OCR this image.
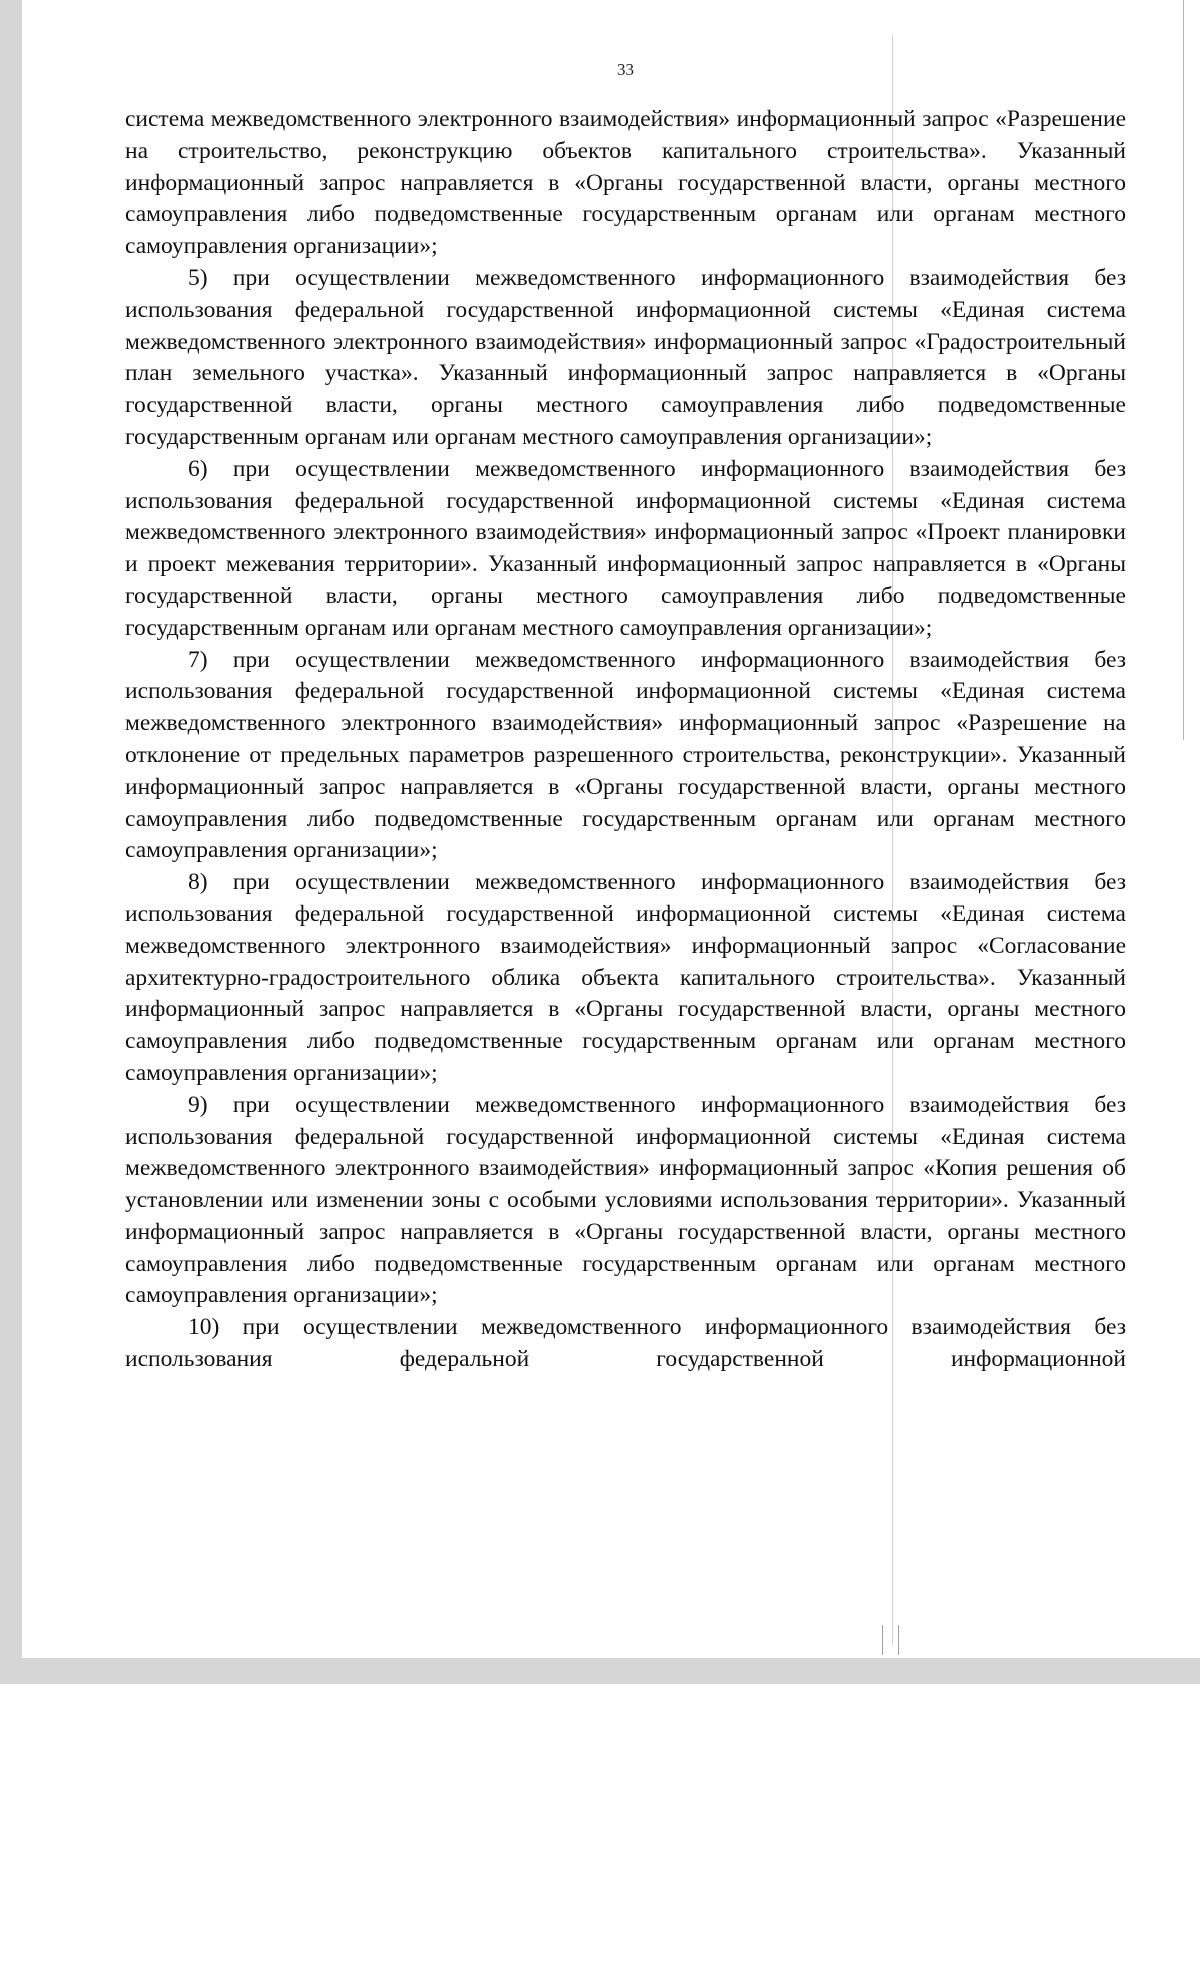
33

система межведомственного электронного взаимодействия» информационный запрос «Разрешение на строительство, реконструкцию объектов капитального строительства». Указанный информационный запрос направляется в «Органы государственной власти, органы местного самоуправления либо подведомственные государственным органам или органам местного самоуправления организации»;

5) при осуществлении межведомственного информационного взаимодействия без использования федеральной государственной информационной системы «Единая система межведомственного электронного взаимодействия» информационный запрос «Градостроительный план земельного участка». Указанный информационный запрос направляется в «Органы государственной власти, органы местного самоуправления либо подведомственные государственным органам или органам местного самоуправления организации»;

6) при осуществлении межведомственного информационного взаимодействия без использования федеральной государственной информационной системы «Единая система межведомственного электронного взаимодействия» информационный запрос «Проект планировки и проект межевания территории». Указанный информационный запрос направляется в «Органы государственной власти, органы местного самоуправления либо подведомственные государственным органам или органам местного самоуправления организации»;

7) при осуществлении межведомственного информационного взаимодействия без использования федеральной государственной информационной системы «Единая система межведомственного электронного взаимодействия» информационный запрос «Разрешение на отклонение от предельных параметров разрешенного строительства, реконструкции». Указанный информационный запрос направляется в «Органы государственной власти, органы местного самоуправления либо подведомственные государственным органам или органам местного самоуправления организации»;

8) при осуществлении межведомственного информационного взаимодействия без использования федеральной государственной информационной системы «Единая система межведомственного электронного взаимодействия» информационный запрос «Согласование архитектурно-градостроительного облика объекта капитального строительства». Указанный информационный запрос направляется в «Органы государственной власти, органы местного самоуправления либо подведомственные государственным органам или органам местного самоуправления организации»;

9) при осуществлении межведомственного информационного взаимодействия без использования федеральной государственной информационной системы «Единая система межведомственного электронного взаимодействия» информационный запрос «Копия решения об установлении или изменении зоны с особыми условиями использования территории». Указанный информационный запрос направляется в «Органы государственной власти, органы местного самоуправления либо подведомственные государственным органам или органам местного самоуправления организации»;

10) при осуществлении межведомственного информационного взаимодействия без использования федеральной государственной информационной
